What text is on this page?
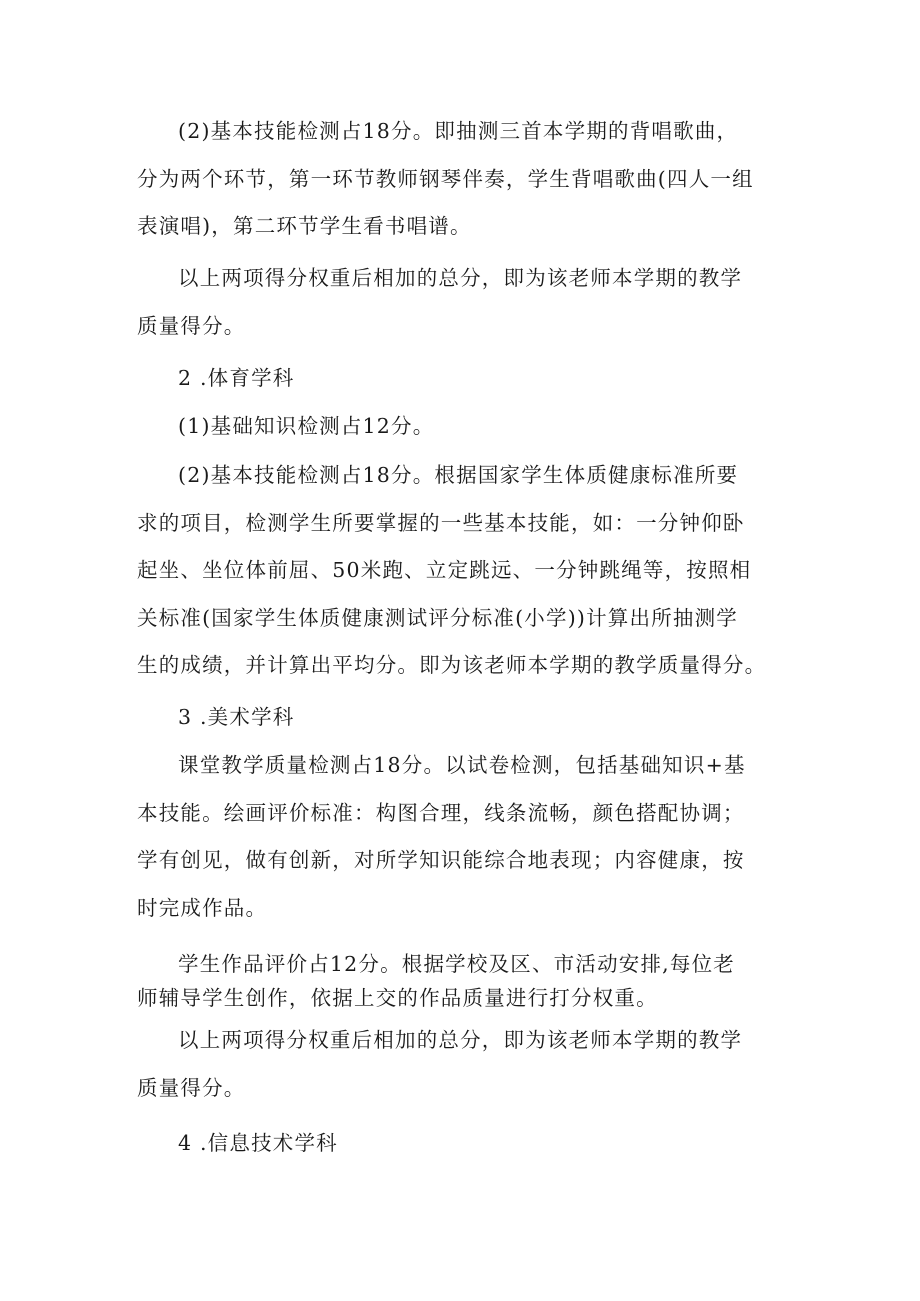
(2)基本技能检测占18分。即抽测三首本学期的背唱歌曲，
分为两个环节，第一环节教师钢琴伴奏，学生背唱歌曲(四人一组
表演唱)，第二环节学生看书唱谱。

以上两项得分权重后相加的总分，即为该老师本学期的教学
质量得分。

2 .体育学科

(1)基础知识检测占12分。

(2)基本技能检测占18分。根据国家学生体质健康标准所要
求的项目，检测学生所要掌握的一些基本技能，如：一分钟仰卧
起坐、坐位体前屈、50米跑、立定跳远、一分钟跳绳等，按照相
关标准(国家学生体质健康测试评分标准(小学))计算出所抽测学
生的成绩，并计算出平均分。即为该老师本学期的教学质量得分。

3 .美术学科

课堂教学质量检测占18分。以试卷检测，包括基础知识+基
本技能。绘画评价标准：构图合理，线条流畅，颜色搭配协调；
学有创见，做有创新，对所学知识能综合地表现；内容健康，按
时完成作品。

学生作品评价占12分。根据学校及区、市活动安排,每位老
师辅导学生创作，依据上交的作品质量进行打分权重。

以上两项得分权重后相加的总分，即为该老师本学期的教学
质量得分。

4 .信息技术学科
